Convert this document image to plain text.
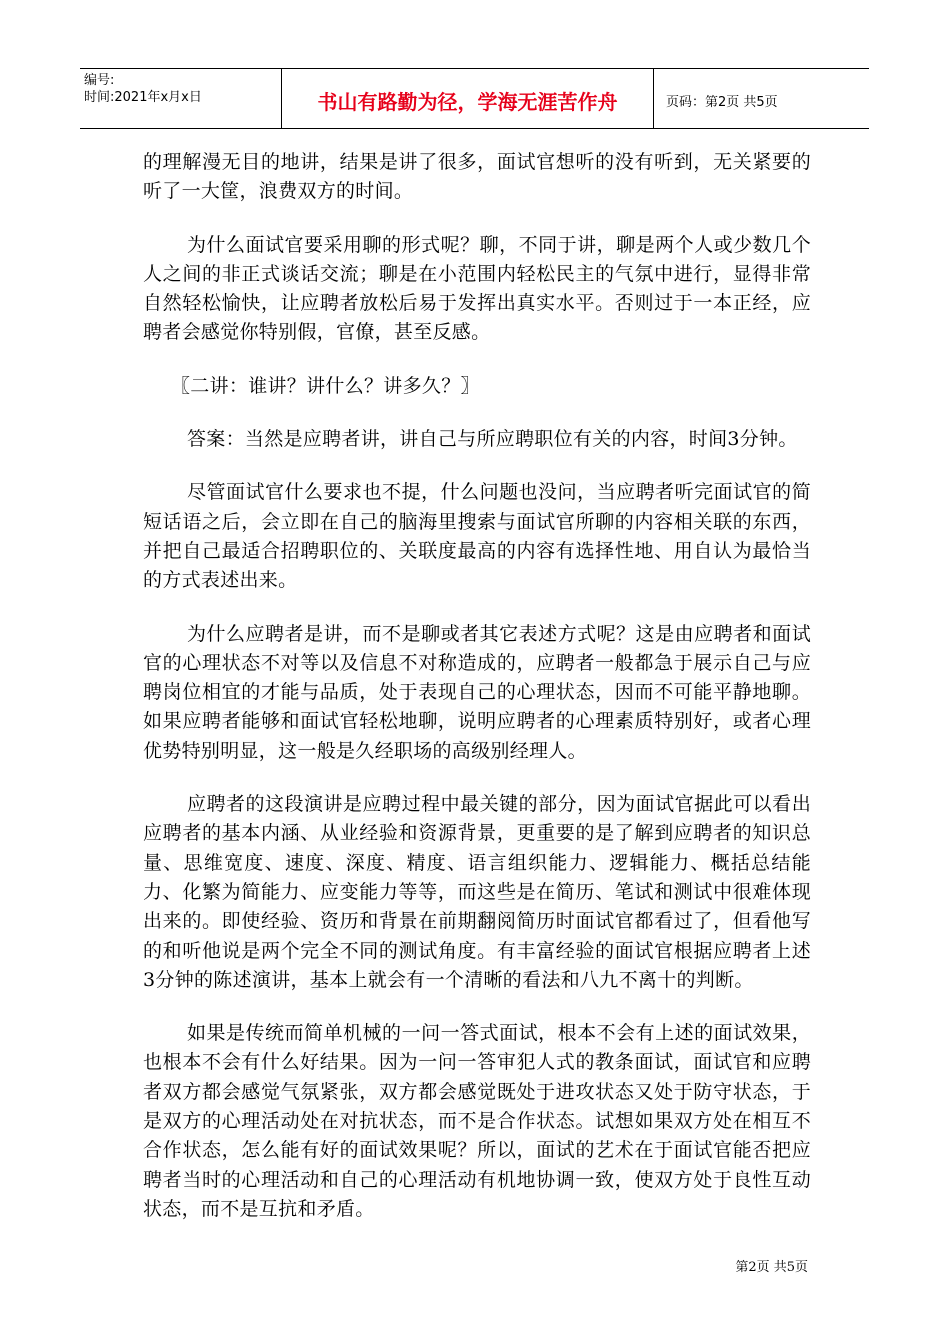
编号:
时间:2021年x月x日	书山有路勤为径，学海无涯苦作舟	页码：第2页 共5页

的理解漫无目的地讲，结果是讲了很多，面试官想听的没有听到，无关紧要的听了一大筐，浪费双方的时间。

为什么面试官要采用聊的形式呢？聊，不同于讲，聊是两个人或少数几个人之间的非正式谈话交流；聊是在小范围内轻松民主的气氛中进行，显得非常自然轻松愉快，让应聘者放松后易于发挥出真实水平。否则过于一本正经，应聘者会感觉你特别假，官僚，甚至反感。

〖二讲：谁讲？讲什么？讲多久？〗

答案：当然是应聘者讲，讲自己与所应聘职位有关的内容，时间3分钟。

尽管面试官什么要求也不提，什么问题也没问，当应聘者听完面试官的简短话语之后，会立即在自己的脑海里搜索与面试官所聊的内容相关联的东西，并把自己最适合招聘职位的、关联度最高的内容有选择性地、用自认为最恰当的方式表述出来。

为什么应聘者是讲，而不是聊或者其它表述方式呢？这是由应聘者和面试官的心理状态不对等以及信息不对称造成的，应聘者一般都急于展示自己与应聘岗位相宜的才能与品质，处于表现自己的心理状态，因而不可能平静地聊。如果应聘者能够和面试官轻松地聊，说明应聘者的心理素质特别好，或者心理优势特别明显，这一般是久经职场的高级别经理人。

应聘者的这段演讲是应聘过程中最关键的部分，因为面试官据此可以看出应聘者的基本内涵、从业经验和资源背景，更重要的是了解到应聘者的知识总量、思维宽度、速度、深度、精度、语言组织能力、逻辑能力、概括总结能力、化繁为简能力、应变能力等等，而这些是在简历、笔试和测试中很难体现出来的。即使经验、资历和背景在前期翻阅简历时面试官都看过了，但看他写的和听他说是两个完全不同的测试角度。有丰富经验的面试官根据应聘者上述3分钟的陈述演讲，基本上就会有一个清晰的看法和八九不离十的判断。

如果是传统而简单机械的一问一答式面试，根本不会有上述的面试效果，也根本不会有什么好结果。因为一问一答审犯人式的教条面试，面试官和应聘者双方都会感觉气氛紧张，双方都会感觉既处于进攻状态又处于防守状态，于是双方的心理活动处在对抗状态，而不是合作状态。试想如果双方处在相互不合作状态，怎么能有好的面试效果呢？所以，面试的艺术在于面试官能否把应聘者当时的心理活动和自己的心理活动有机地协调一致，使双方处于良性互动状态，而不是互抗和矛盾。

第2页 共5页
